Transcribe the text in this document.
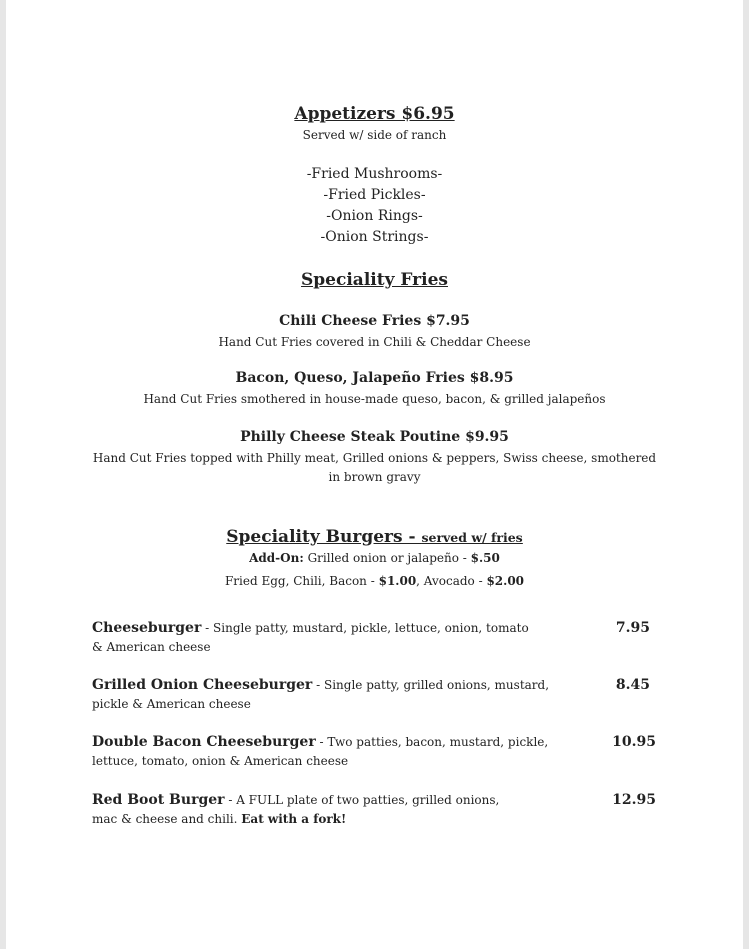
Appetizers $6.95
Served w/ side of ranch
-Fried Mushrooms-
-Fried Pickles-
-Onion Rings-
-Onion Strings-
Speciality Fries
Chili Cheese Fries $7.95
Hand Cut Fries covered in Chili & Cheddar Cheese
Bacon, Queso, Jalapeño Fries $8.95
Hand Cut Fries smothered in house-made queso, bacon, & grilled jalapeños
Philly Cheese Steak Poutine $9.95
Hand Cut Fries topped with Philly meat, Grilled onions & peppers, Swiss cheese, smothered
in brown gravy
Speciality Burgers - served w/ fries
Add-On: Grilled onion or jalapeño - $.50
Fried Egg, Chili, Bacon - $1.00, Avocado - $2.00
Cheeseburger - Single patty, mustard, pickle, lettuce, onion, tomato
& American cheese
7.95
Grilled Onion Cheeseburger - Single patty, grilled onions, mustard,
pickle & American cheese
8.45
Double Bacon Cheeseburger - Two patties, bacon, mustard, pickle,
lettuce, tomato, onion & American cheese
10.95
Red Boot Burger - A FULL plate of two patties, grilled onions,
mac & cheese and chili. Eat with a fork!
12.95
